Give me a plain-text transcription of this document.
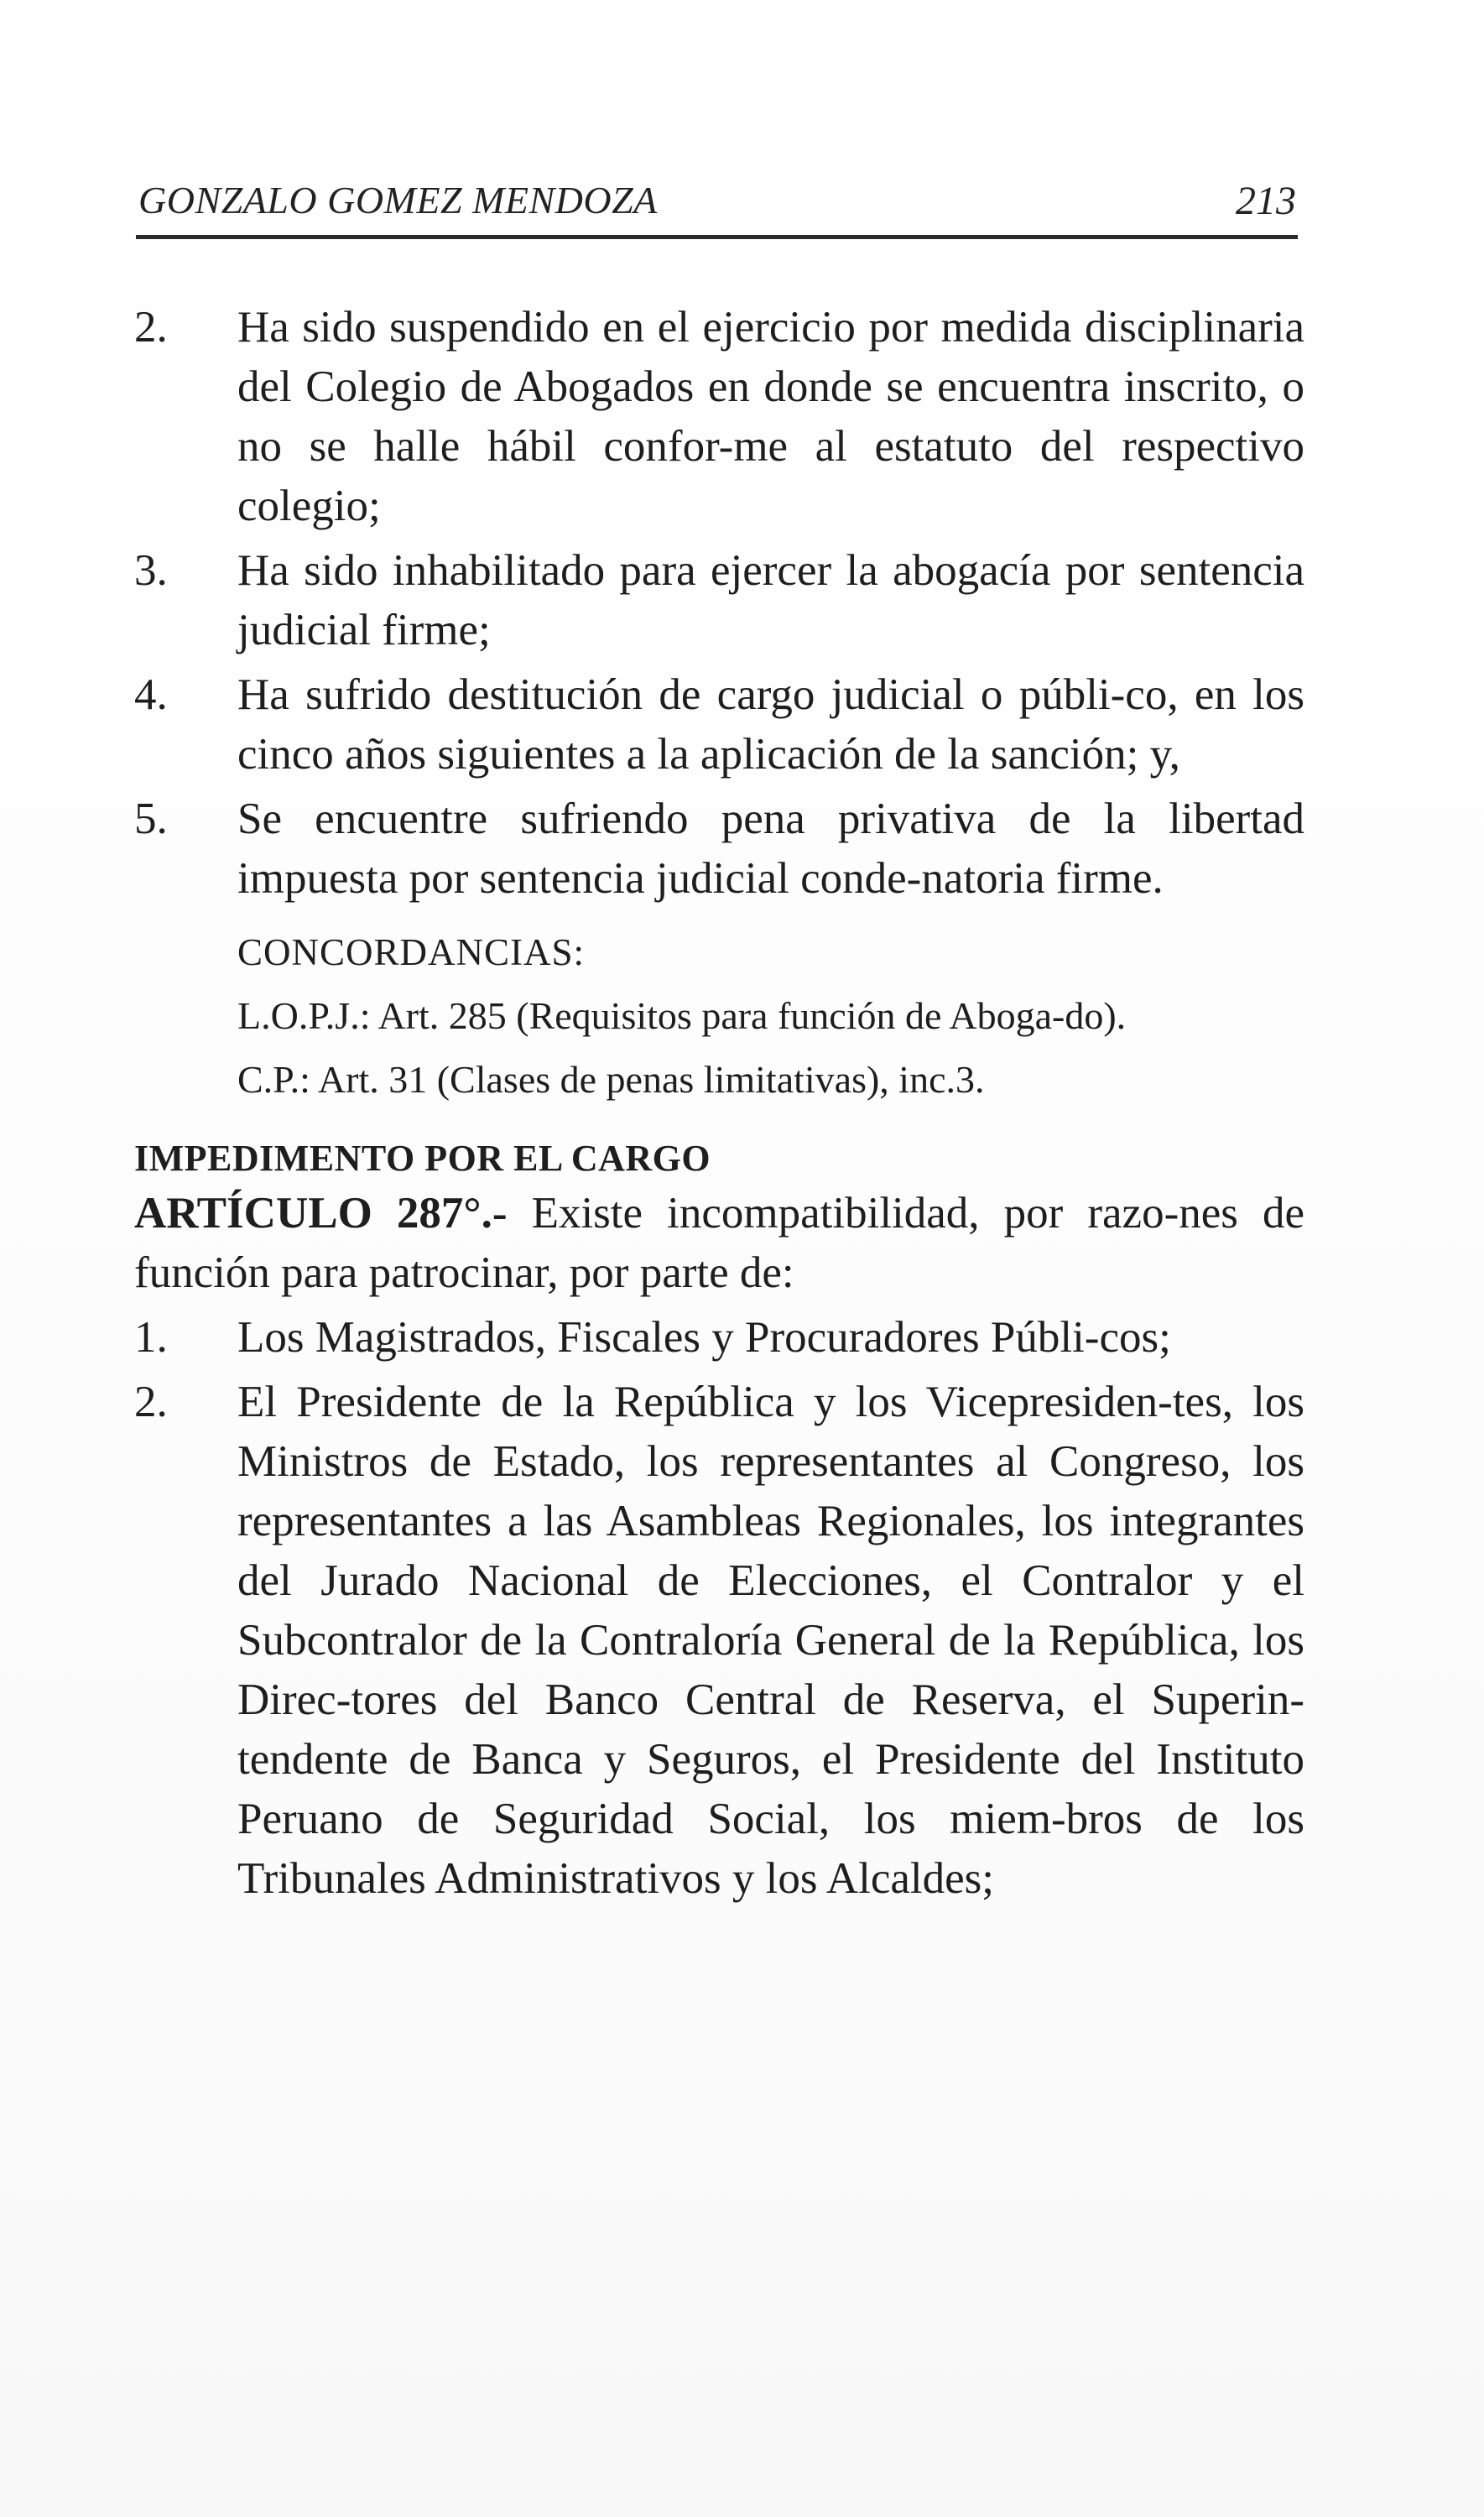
GONZALO GOMEZ MENDOZA	213
2. Ha sido suspendido en el ejercicio por medida disciplinaria del Colegio de Abogados en donde se encuentra inscrito, o no se halle hábil confor-me al estatuto del respectivo colegio;
3. Ha sido inhabilitado para ejercer la abogacía por sentencia judicial firme;
4. Ha sufrido destitución de cargo judicial o públi-co, en los cinco años siguientes a la aplicación de la sanción; y,
5. Se encuentre sufriendo pena privativa de la libertad impuesta por sentencia judicial conde-natoria firme.
CONCORDANCIAS:
L.O.P.J.: Art. 285 (Requisitos para función de Aboga-do).
C.P.: Art. 31 (Clases de penas limitativas), inc.3.
IMPEDIMENTO POR EL CARGO
ARTÍCULO 287°.- Existe incompatibilidad, por razo-nes de función para patrocinar, por parte de:
1. Los Magistrados, Fiscales y Procuradores Públi-cos;
2. El Presidente de la República y los Vicepresiden-tes, los Ministros de Estado, los representantes al Congreso, los representantes a las Asambleas Regionales, los integrantes del Jurado Nacional de Elecciones, el Contralor y el Subcontralor de la Contraloría General de la República, los Direc-tores del Banco Central de Reserva, el Superin-tendente de Banca y Seguros, el Presidente del Instituto Peruano de Seguridad Social, los miem-bros de los Tribunales Administrativos y los Alcaldes;
